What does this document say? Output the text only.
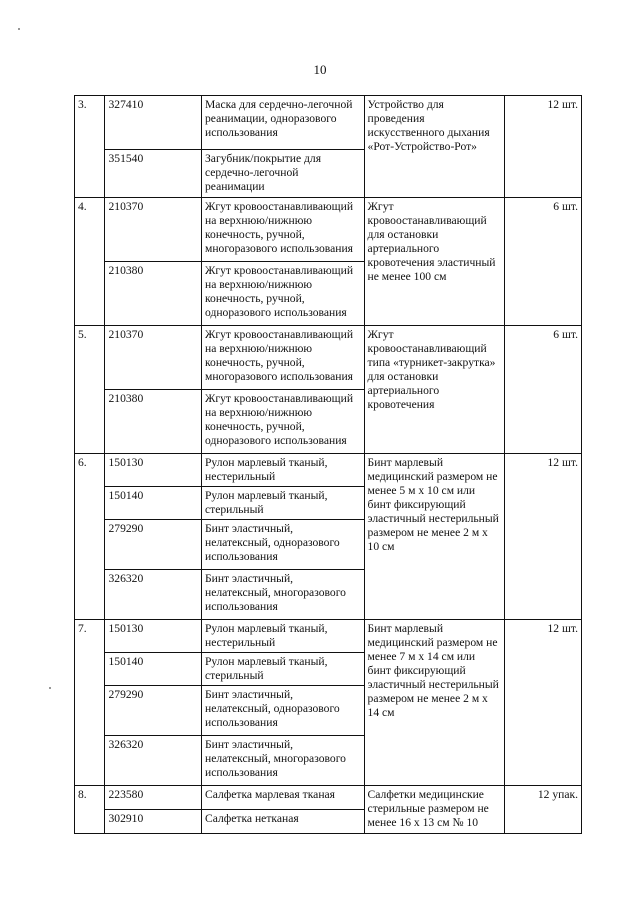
10
3.	327410	Маска для сердечно-легочной реанимации, одноразового использования	Устройство для проведения искусственного дыхания «Рот-Устройство-Рот»	12 шт.

	351540	Загубник/покрытие для сердечно-легочной реанимации		

4.	210370	Жгут кровоостанавливающий на верхнюю/нижнюю конечность, ручной, многоразового использования	Жгут кровоостанавливающий для остановки артериального кровотечения эластичный не менее 100 см	6 шт.

	210380	Жгут кровоостанавливающий на верхнюю/нижнюю конечность, ручной, одноразового использования		

5.	210370	Жгут кровоостанавливающий на верхнюю/нижнюю конечность, ручной, многоразового использования	Жгут кровоостанавливающий типа «турникет-закрутка» для остановки артериального кровотечения	6 шт.

	210380	Жгут кровоостанавливающий на верхнюю/нижнюю конечность, ручной, одноразового использования		

6.	150130	Рулон марлевый тканый, нестерильный	Бинт марлевый медицинский размером не менее 5 м х 10 см или бинт фиксирующий эластичный нестерильный размером не менее 2 м х 10 см	12 шт.

	150140	Рулон марлевый тканый, стерильный		

	279290	Бинт эластичный, нелатексный, одноразового использования		

	326320	Бинт эластичный, нелатексный, многоразового использования		

7.	150130	Рулон марлевый тканый, нестерильный	Бинт марлевый медицинский размером не менее 7 м х 14 см или бинт фиксирующий эластичный нестерильный размером не менее 2 м х 14 см	12 шт.

	150140	Рулон марлевый тканый, стерильный		

	279290	Бинт эластичный, нелатексный, одноразового использования		

	326320	Бинт эластичный, нелатексный, многоразового использования		

8.	223580	Салфетка марлевая тканая	Салфетки медицинские стерильные размером не менее 16 х 13 см № 10	12 упак.

	302910	Салфетка нетканая		
